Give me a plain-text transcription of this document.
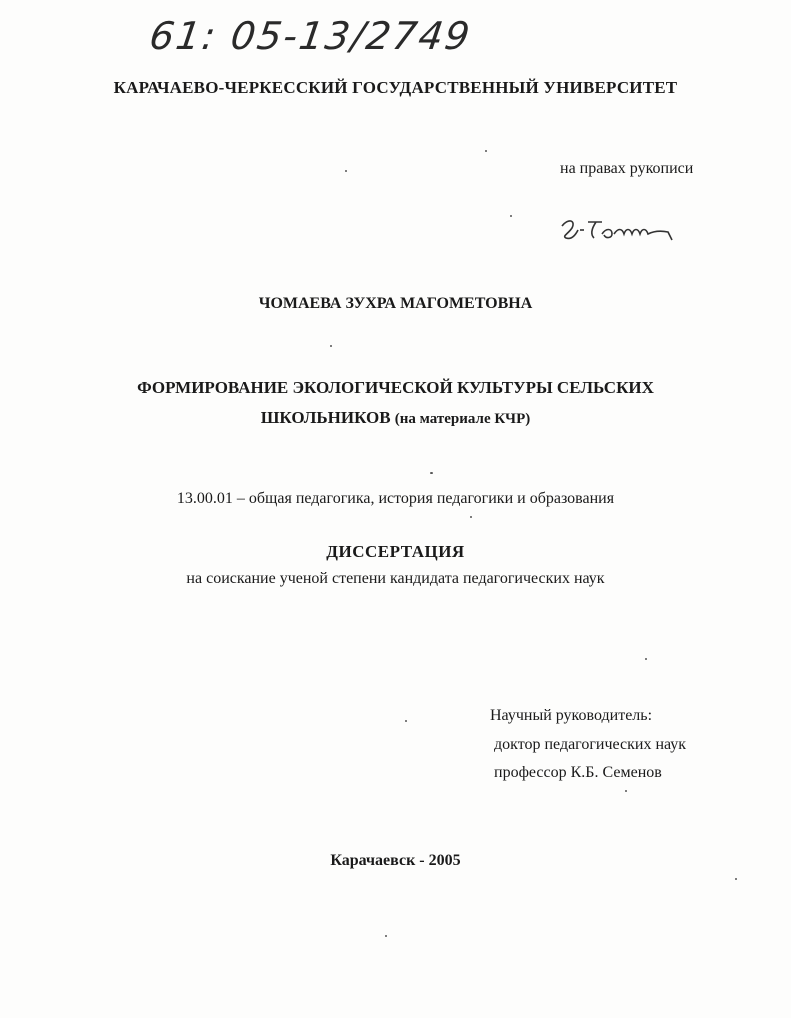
61: 05-13/2749
КАРАЧАЕВО-ЧЕРКЕССКИЙ ГОСУДАРСТВЕННЫЙ УНИВЕРСИТЕТ
на правах рукописи
ЧОМАЕВА ЗУХРА МАГОМЕТОВНА
ФОРМИРОВАНИЕ ЭКОЛОГИЧЕСКОЙ КУЛЬТУРЫ СЕЛЬСКИХ
ШКОЛЬНИКОВ (на материале КЧР)
13.00.01 – общая педагогика, история педагогики и образования
ДИССЕРТАЦИЯ
на соискание ученой степени кандидата педагогических наук
Научный руководитель:
доктор педагогических наук
профессор К.Б. Семенов
Карачаевск - 2005
